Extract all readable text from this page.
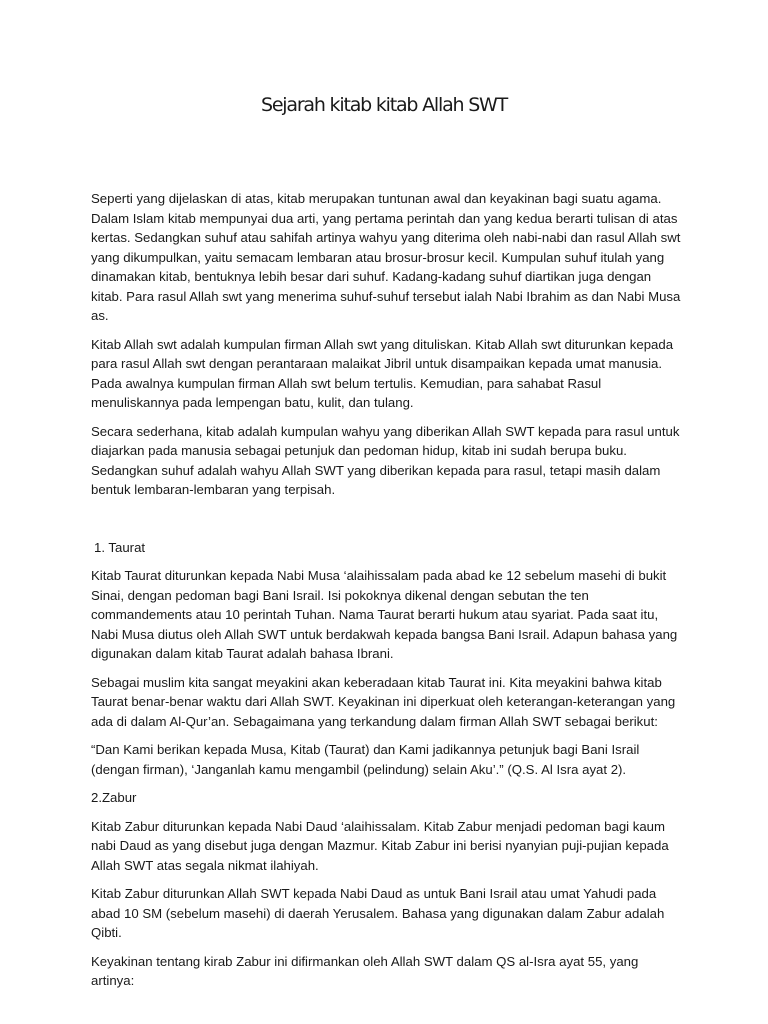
Sejarah kitab kitab Allah SWT

Seperti yang dijelaskan di atas, kitab merupakan tuntunan awal dan keyakinan bagi suatu agama. Dalam Islam kitab mempunyai dua arti, yang pertama perintah dan yang kedua berarti tulisan di atas kertas. Sedangkan suhuf atau sahifah artinya wahyu yang diterima oleh nabi-nabi dan rasul Allah swt yang dikumpulkan, yaitu semacam lembaran atau brosur-brosur kecil. Kumpulan suhuf itulah yang dinamakan kitab, bentuknya lebih besar dari suhuf. Kadang-kadang suhuf diartikan juga dengan kitab. Para rasul Allah swt yang menerima suhuf-suhuf tersebut ialah Nabi Ibrahim as dan Nabi Musa as.

Kitab Allah swt adalah kumpulan firman Allah swt yang dituliskan. Kitab Allah swt diturunkan kepada para rasul Allah swt dengan perantaraan malaikat Jibril untuk disampaikan kepada umat manusia. Pada awalnya kumpulan firman Allah swt belum tertulis. Kemudian, para sahabat Rasul menuliskannya pada lempengan batu, kulit, dan tulang.

Secara sederhana, kitab adalah kumpulan wahyu yang diberikan Allah SWT kepada para rasul untuk diajarkan pada manusia sebagai petunjuk dan pedoman hidup, kitab ini sudah berupa buku. Sedangkan suhuf adalah wahyu Allah SWT yang diberikan kepada para rasul, tetapi masih dalam bentuk lembaran-lembaran yang terpisah.

1. Taurat

Kitab Taurat diturunkan kepada Nabi Musa ‘alaihissalam pada abad ke 12 sebelum masehi di bukit Sinai, dengan pedoman bagi Bani Israil. Isi pokoknya dikenal dengan sebutan the ten commandements atau 10 perintah Tuhan. Nama Taurat berarti hukum atau syariat. Pada saat itu, Nabi Musa diutus oleh Allah SWT untuk berdakwah kepada bangsa Bani Israil. Adapun bahasa yang digunakan dalam kitab Taurat adalah bahasa Ibrani.

Sebagai muslim kita sangat meyakini akan keberadaan kitab Taurat ini. Kita meyakini bahwa kitab Taurat benar-benar waktu dari Allah SWT. Keyakinan ini diperkuat oleh keterangan-keterangan yang ada di dalam Al-Qur’an. Sebagaimana yang terkandung dalam firman Allah SWT sebagai berikut:

“Dan Kami berikan kepada Musa, Kitab (Taurat) dan Kami jadikannya petunjuk bagi Bani Israil (dengan firman), ‘Janganlah kamu mengambil (pelindung) selain Aku’.” (Q.S. Al Isra ayat 2).

2.Zabur

Kitab Zabur diturunkan kepada Nabi Daud ‘alaihissalam. Kitab Zabur menjadi pedoman bagi kaum nabi Daud as yang disebut juga dengan Mazmur. Kitab Zabur ini berisi nyanyian puji-pujian kepada Allah SWT atas segala nikmat ilahiyah.

Kitab Zabur diturunkan Allah SWT kepada Nabi Daud as untuk Bani Israil atau umat Yahudi pada abad 10 SM (sebelum masehi) di daerah Yerusalem. Bahasa yang digunakan dalam Zabur adalah Qibti.

Keyakinan tentang kirab Zabur ini difirmankan oleh Allah SWT dalam QS al-Isra ayat 55, yang artinya:
